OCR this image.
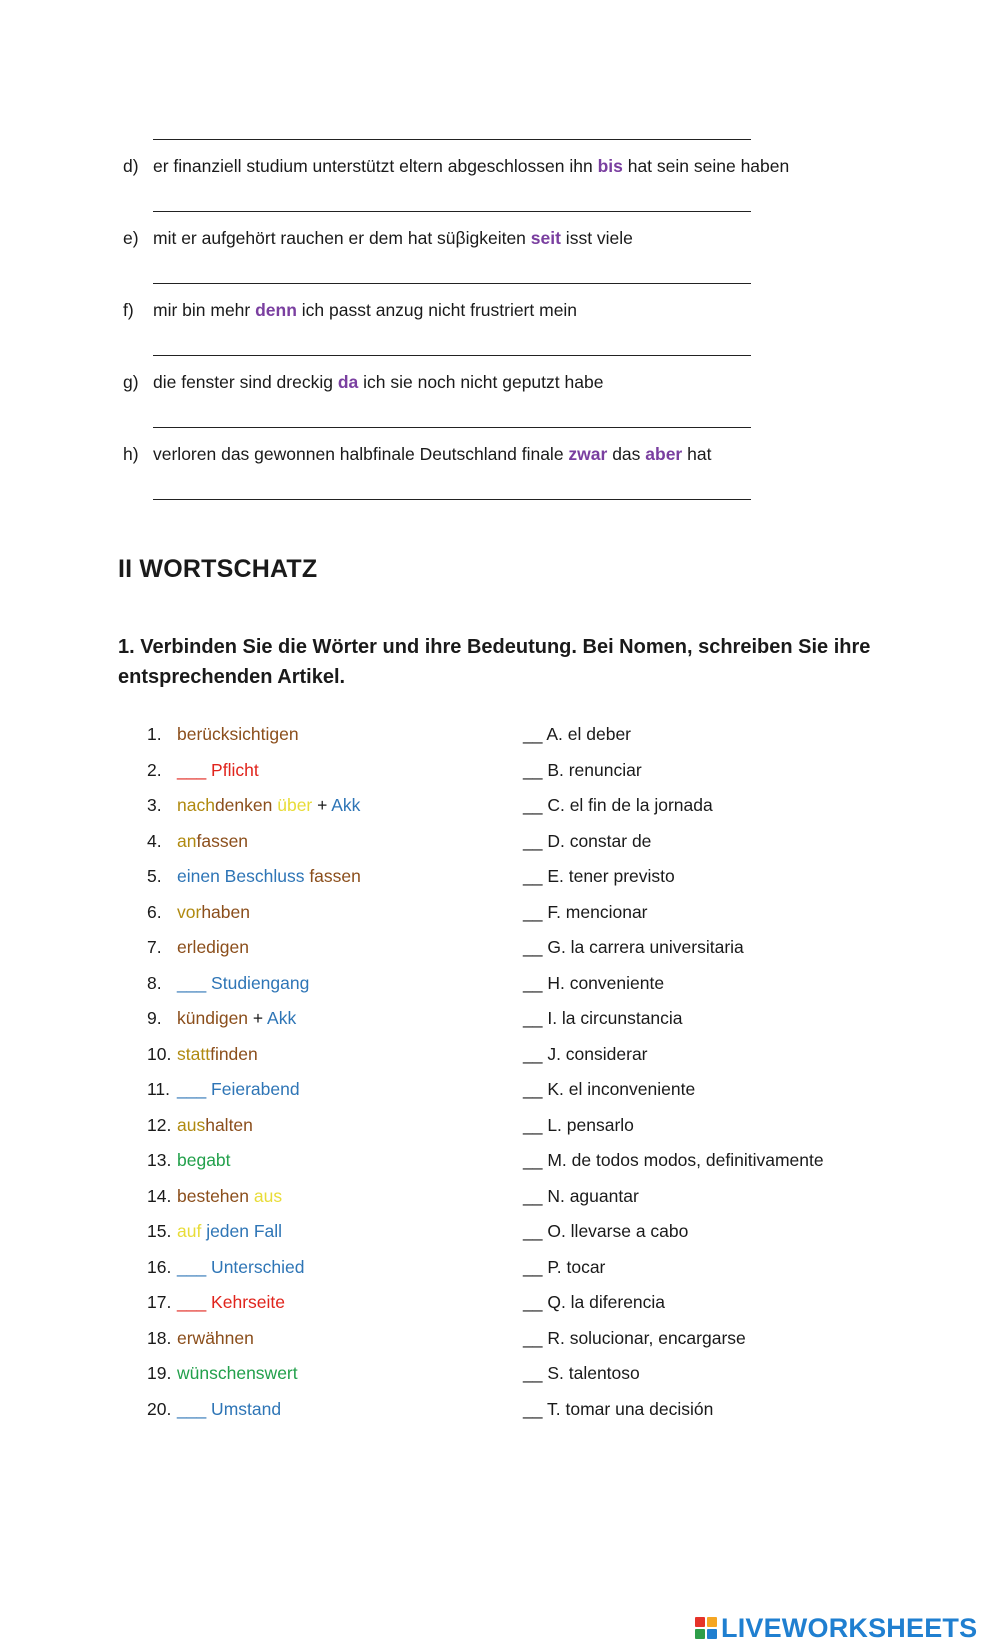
d) er finanziell studium unterstützt eltern abgeschlossen ihn bis hat sein seine haben
e) mit er aufgehört rauchen er dem hat süβigkeiten seit isst viele
f) mir bin mehr denn ich passt anzug nicht frustriert mein
g) die fenster sind dreckig da ich sie noch nicht geputzt habe
h) verloren das gewonnen halbfinale Deutschland finale zwar das aber hat
II WORTSCHATZ
1. Verbinden Sie die Wörter und ihre Bedeutung. Bei Nomen, schreiben Sie ihre entsprechenden Artikel.
1. berücksichtigen
2. ___ Pflicht
3. nachdenken über + Akk
4. anfassen
5. einen Beschluss fassen
6. vorhaben
7. erledigen
8. ___ Studiengang
9. kündigen + Akk
10. stattfinden
11. ___ Feierabend
12. aushalten
13. begabt
14. bestehen aus
15. auf jeden Fall
16. ___ Unterschied
17. ___ Kehrseite
18. erwähnen
19. wünschenswert
20. ___ Umstand
__ A. el deber
__ B. renunciar
__ C. el fin de la jornada
__ D. constar de
__ E. tener previsto
__ F. mencionar
__ G. la carrera universitaria
__ H. conveniente
__ I. la circunstancia
__ J. considerar
__ K. el inconveniente
__ L. pensarlo
__ M. de todos modos, definitivamente
__ N. aguantar
__ O. llevarse a cabo
__ P. tocar
__ Q. la diferencia
__ R. solucionar, encargarse
__ S. talentoso
__ T. tomar una decisión
LIVEWORKSHEETS
